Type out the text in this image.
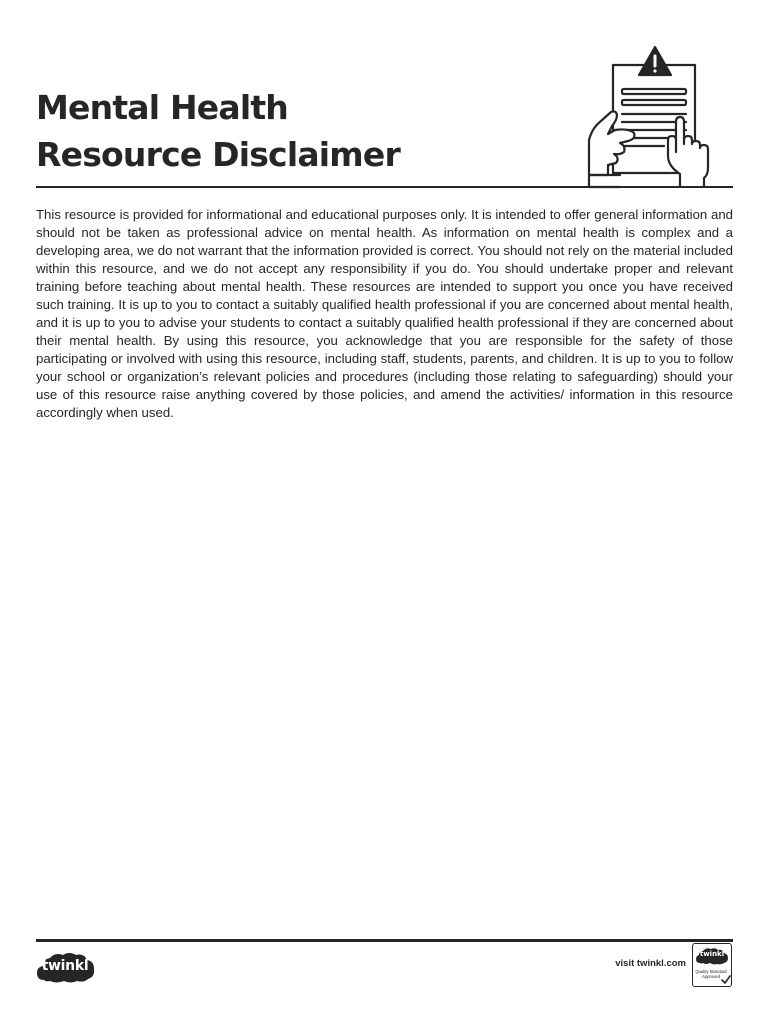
Mental Health
Resource Disclaimer

This resource is provided for informational and educational purposes only. It is intended to offer general information and should not be taken as professional advice on mental health. As information on mental health is complex and a developing area, we do not warrant that the information provided is correct. You should not rely on the material included within this resource, and we do not accept any responsibility if you do. You should undertake proper and relevant training before teaching about mental health. These resources are intended to support you once you have received such training. It is up to you to contact a suitably qualified health professional if you are concerned about mental health, and it is up to you to advise your students to contact a suitably qualified health professional if they are concerned about their mental health. By using this resource, you acknowledge that you are responsible for the safety of those participating or involved with using this resource, including staff, students, parents, and children. It is up to you to follow your school or organization’s relevant policies and procedures (including those relating to safeguarding) should your use of this resource raise anything covered by those policies, and amend the activities/ information in this resource accordingly when used.

twinkl	visit twinkl.com
twinkl
Quality Standard
Approved
